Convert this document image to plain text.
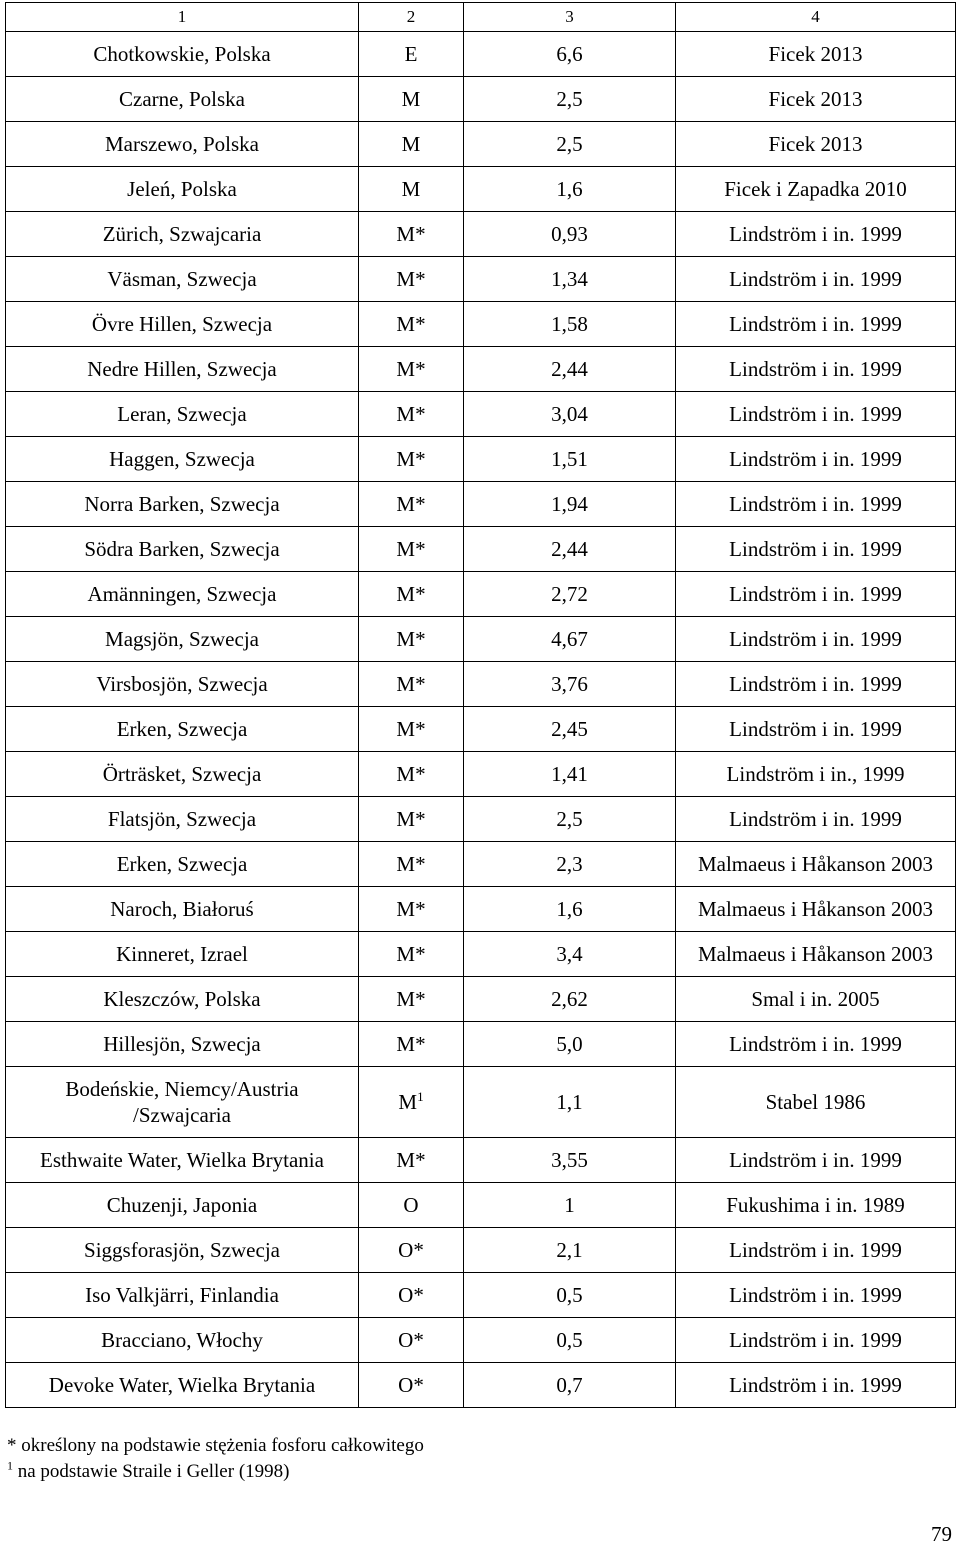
1	2	3	4
Chotkowskie, Polska	E	6,6	Ficek 2013
Czarne, Polska	M	2,5	Ficek 2013
Marszewo, Polska	M	2,5	Ficek 2013
Jeleń, Polska	M	1,6	Ficek i Zapadka 2010
Zürich, Szwajcaria	M*	0,93	Lindström i in. 1999
Väsman, Szwecja	M*	1,34	Lindström i in. 1999
Övre Hillen, Szwecja	M*	1,58	Lindström i in. 1999
Nedre Hillen, Szwecja	M*	2,44	Lindström i in. 1999
Leran, Szwecja	M*	3,04	Lindström i in. 1999
Haggen, Szwecja	M*	1,51	Lindström i in. 1999
Norra Barken, Szwecja	M*	1,94	Lindström i in. 1999
Södra Barken, Szwecja	M*	2,44	Lindström i in. 1999
Amänningen, Szwecja	M*	2,72	Lindström i in. 1999
Magsjön, Szwecja	M*	4,67	Lindström i in. 1999
Virsbosjön, Szwecja	M*	3,76	Lindström i in. 1999
Erken, Szwecja	M*	2,45	Lindström i in. 1999
Örträsket, Szwecja	M*	1,41	Lindström i in., 1999
Flatsjön, Szwecja	M*	2,5	Lindström i in. 1999
Erken, Szwecja	M*	2,3	Malmaeus i Håkanson 2003
Naroch, Białoruś	M*	1,6	Malmaeus i Håkanson 2003
Kinneret, Izrael	M*	3,4	Malmaeus i Håkanson 2003
Kleszczów, Polska	M*	2,62	Smal i in. 2005
Hillesjön, Szwecja	M*	5,0	Lindström i in. 1999

Bodeńskie, Niemcy/Austria
/Szwajcaria	$M^1$	1,1	Stabel 1986
Esthwaite Water, Wielka Brytania	M*	3,55	Lindström i in. 1999
Chuzenji, Japonia	O	1	Fukushima i in. 1989
Siggsforasjön, Szwecja	O*	2,1	Lindström i in. 1999
Iso Valkjärri, Finlandia	O*	0,5	Lindström i in. 1999
Bracciano, Włochy	O*	0,5	Lindström i in. 1999
Devoke Water, Wielka Brytania	O*	0,7	Lindström i in. 1999
* określony na podstawie stężenia fosforu całkowitego
$^1$ na podstawie Straile i Geller (1998)
79
